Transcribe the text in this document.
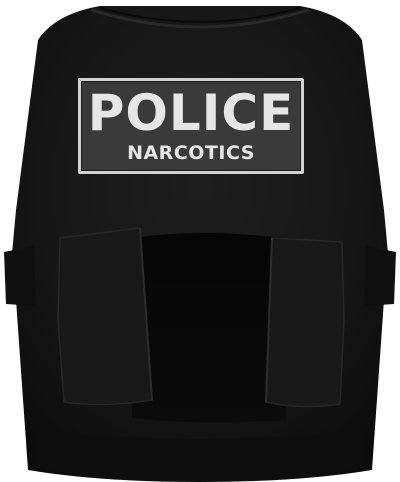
POLICE
NARCOTICS
